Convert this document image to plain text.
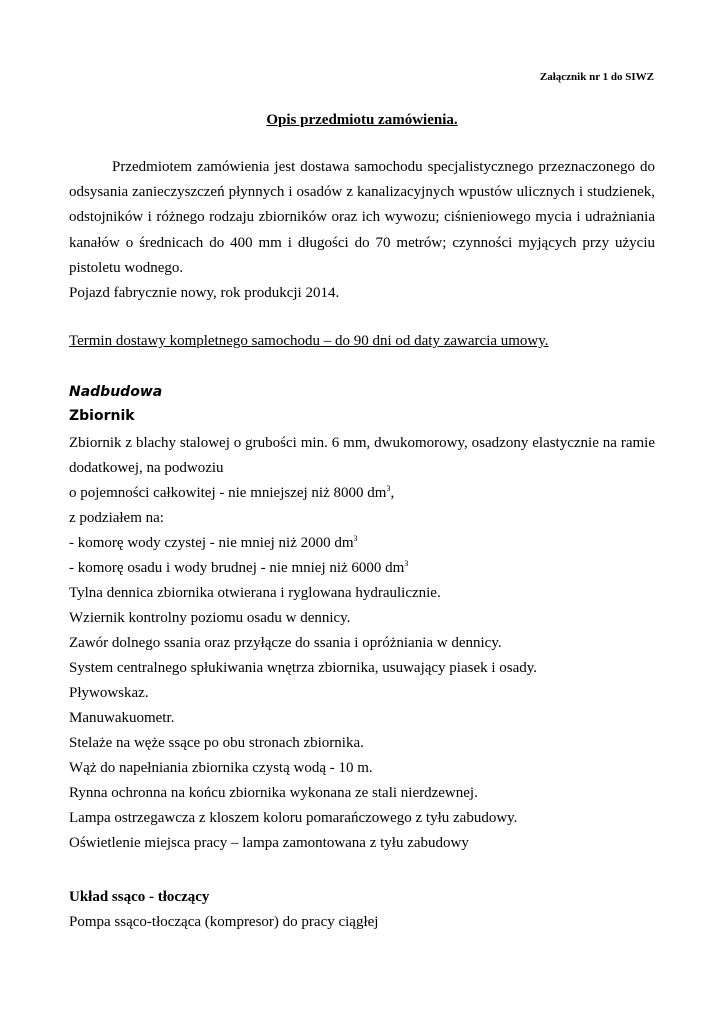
Załącznik nr 1 do SIWZ
Opis przedmiotu zamówienia.
Przedmiotem zamówienia jest dostawa samochodu specjalistycznego przeznaczonego do odsysania zanieczyszczeń płynnych i osadów z kanalizacyjnych wpustów ulicznych i studzienek, odstojników i różnego rodzaju zbiorników oraz ich wywozu; ciśnieniowego mycia i udrażniania kanałów o średnicach do 400 mm i długości do 70 metrów; czynności myjących przy użyciu pistoletu wodnego.
Pojazd fabrycznie nowy, rok produkcji 2014.
Termin dostawy kompletnego samochodu – do 90 dni od daty zawarcia umowy.
Nadbudowa
Zbiornik
Zbiornik z blachy stalowej o grubości min. 6 mm, dwukomorowy, osadzony elastycznie na ramie dodatkowej, na podwoziu
o pojemności całkowitej - nie mniejszej niż 8000 $dm^3$,
z podziałem na:
- komorę wody czystej - nie mniej niż 2000 $dm^3$
- komorę osadu i wody brudnej - nie mniej niż 6000 $dm^3$
Tylna dennica zbiornika otwierana i ryglowana hydraulicznie.
Wziernik kontrolny poziomu osadu w dennicy.
Zawór dolnego ssania oraz przyłącze do ssania i opróżniania w dennicy.
System centralnego spłukiwania wnętrza zbiornika, usuwający piasek i osady.
Pływowskaz.
Manuwakuometr.
Stelaże na węże ssące po obu stronach zbiornika.
Wąż do napełniania zbiornika czystą wodą - 10 m.
Rynna ochronna na końcu zbiornika wykonana ze stali nierdzewnej.
Lampa ostrzegawcza z kloszem koloru pomarańczowego z tyłu zabudowy.
Oświetlenie miejsca pracy – lampa zamontowana z tyłu zabudowy
Układ ssąco - tłoczący
Pompa ssąco-tłocząca (kompresor) do pracy ciągłej
